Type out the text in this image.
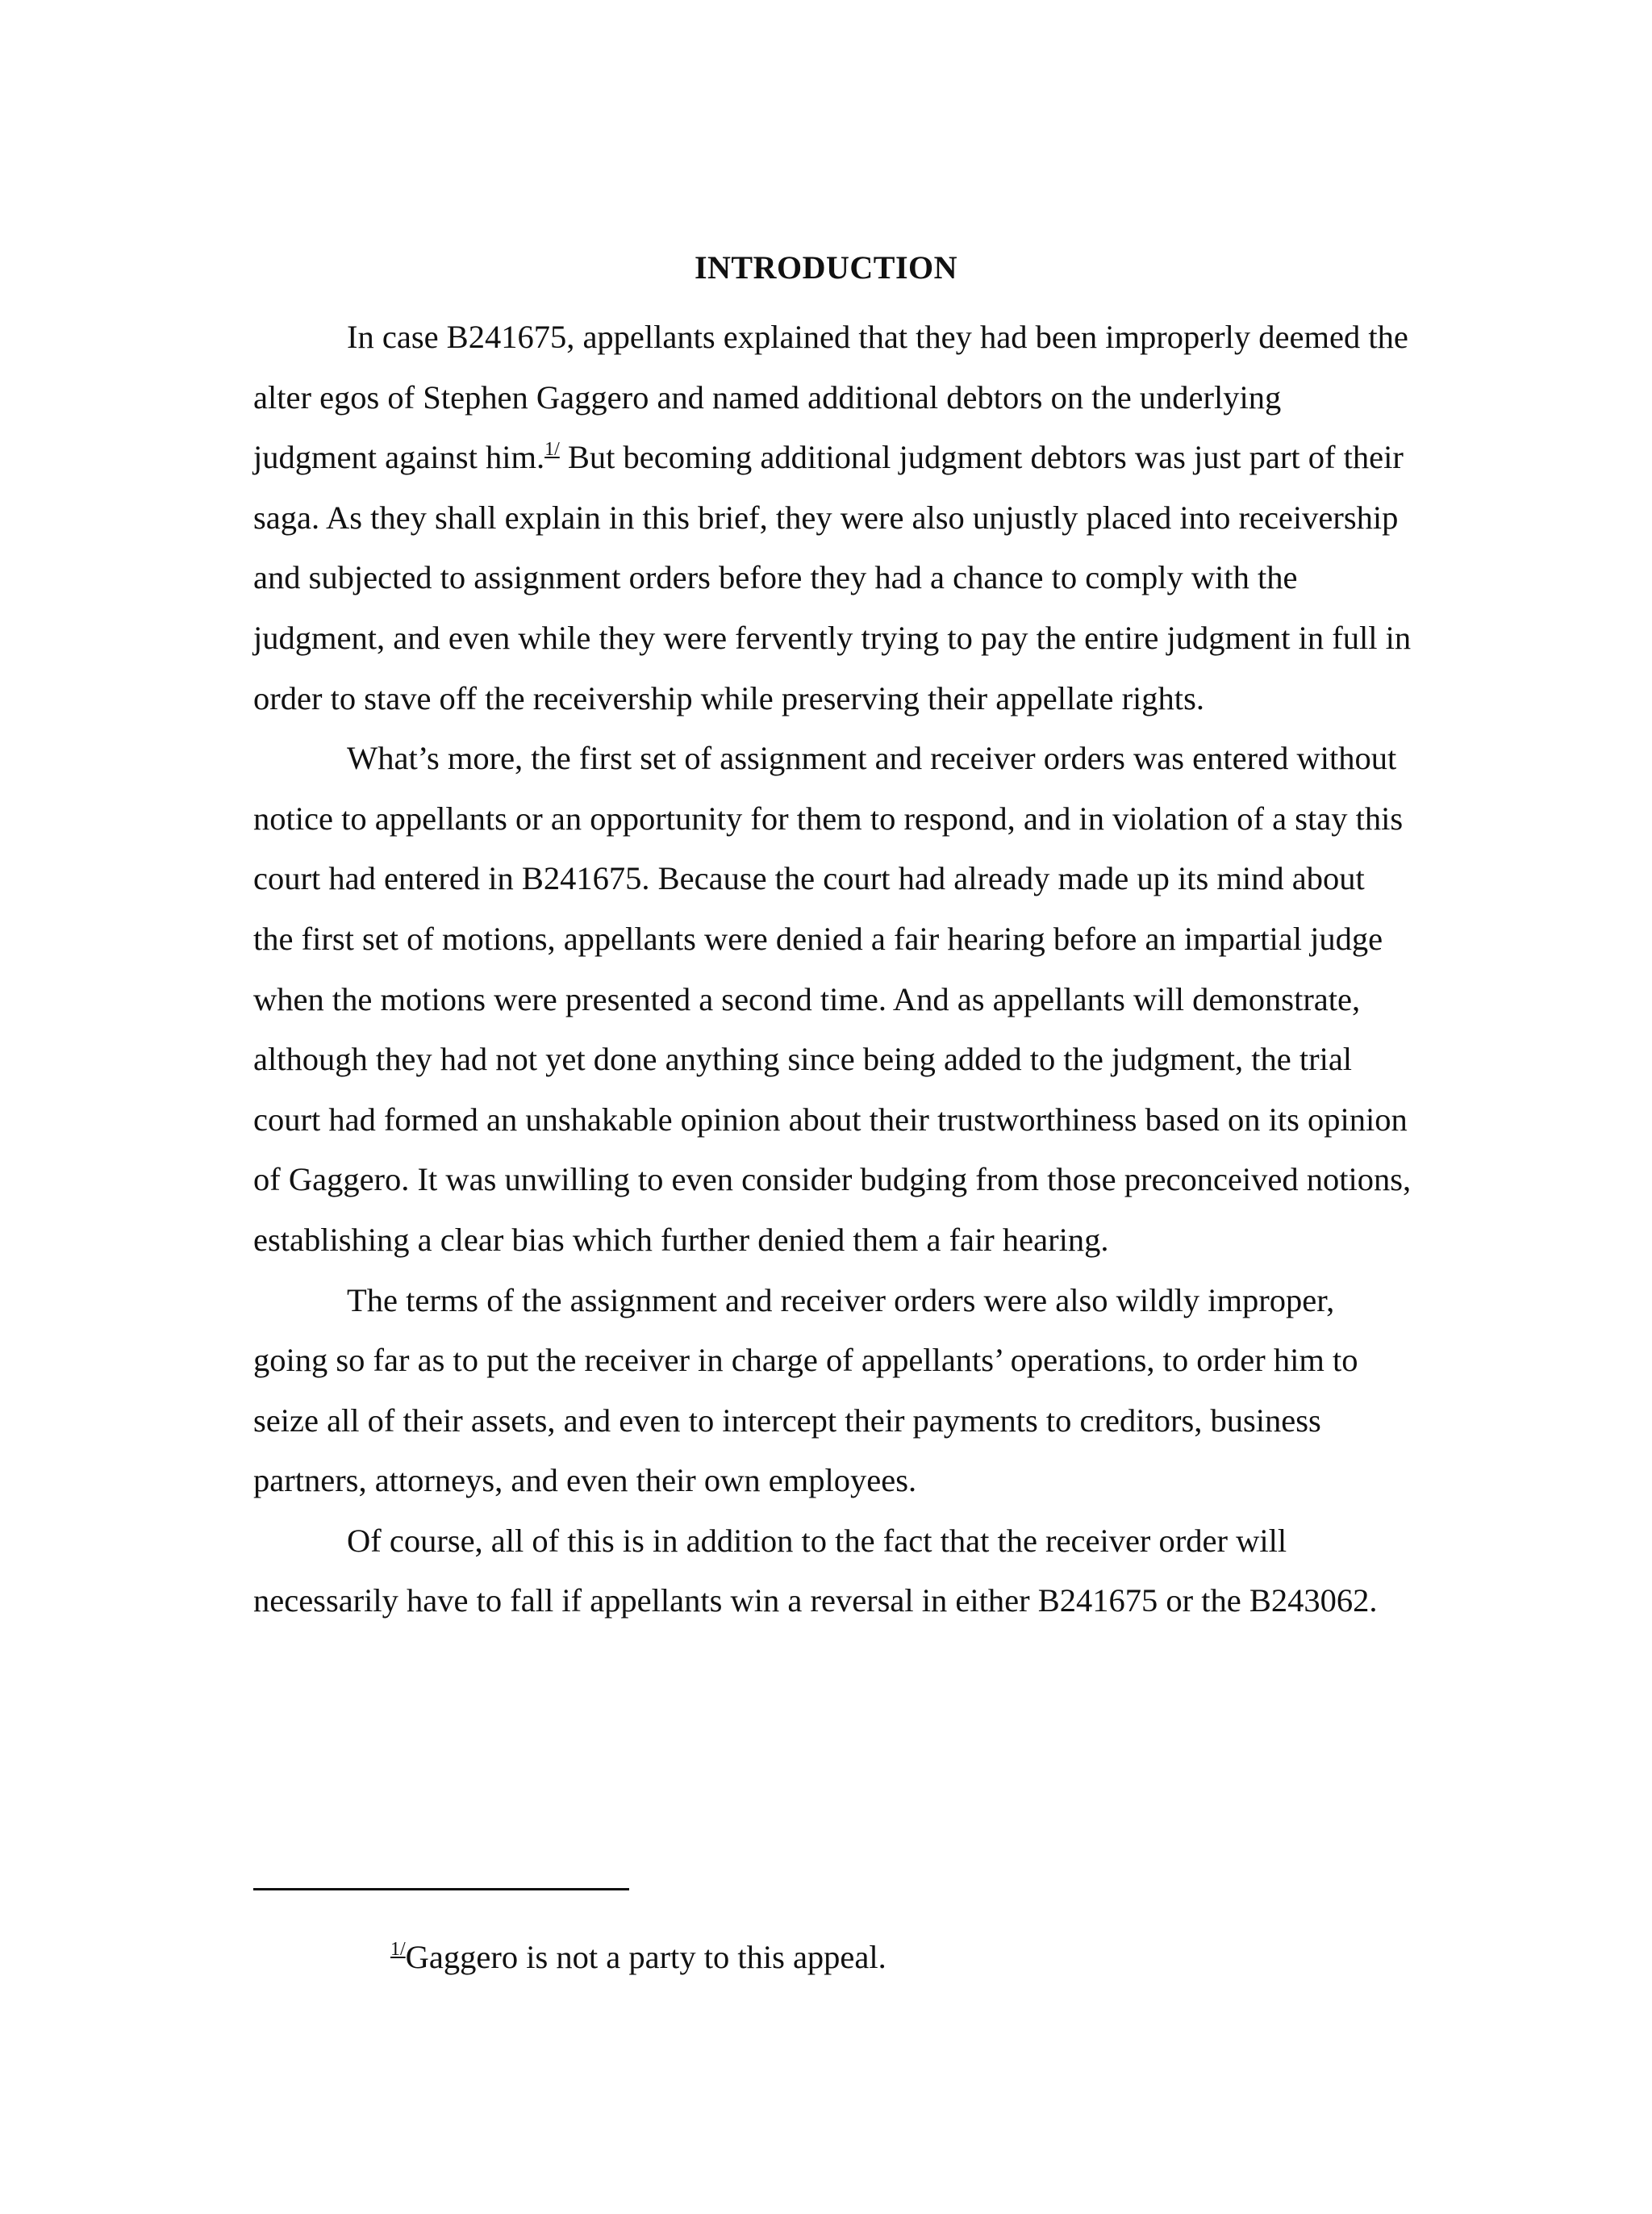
INTRODUCTION

In case B241675, appellants explained that they had been improperly deemed the alter egos of Stephen Gaggero and named additional debtors on the underlying judgment against him.$^{1/}$ But becoming additional judgment debtors was just part of their saga. As they shall explain in this brief, they were also unjustly placed into receivership and subjected to assignment orders before they had a chance to comply with the judgment, and even while they were fervently trying to pay the entire judgment in full in order to stave off the receivership while preserving their appellate rights.

What’s more, the first set of assignment and receiver orders was entered without notice to appellants or an opportunity for them to respond, and in violation of a stay this court had entered in B241675. Because the court had already made up its mind about the first set of motions, appellants were denied a fair hearing before an impartial judge when the motions were presented a second time. And as appellants will demonstrate, although they had not yet done anything since being added to the judgment, the trial court had formed an unshakable opinion about their trustworthiness based on its opinion of Gaggero. It was unwilling to even consider budging from those preconceived notions, establishing a clear bias which further denied them a fair hearing.

The terms of the assignment and receiver orders were also wildly improper, going so far as to put the receiver in charge of appellants’ operations, to order him to seize all of their assets, and even to intercept their payments to creditors, business partners, attorneys, and even their own employees.

Of course, all of this is in addition to the fact that the receiver order will necessarily have to fall if appellants win a reversal in either B241675 or the B243062.

$^{1/}$Gaggero is not a party to this appeal.
